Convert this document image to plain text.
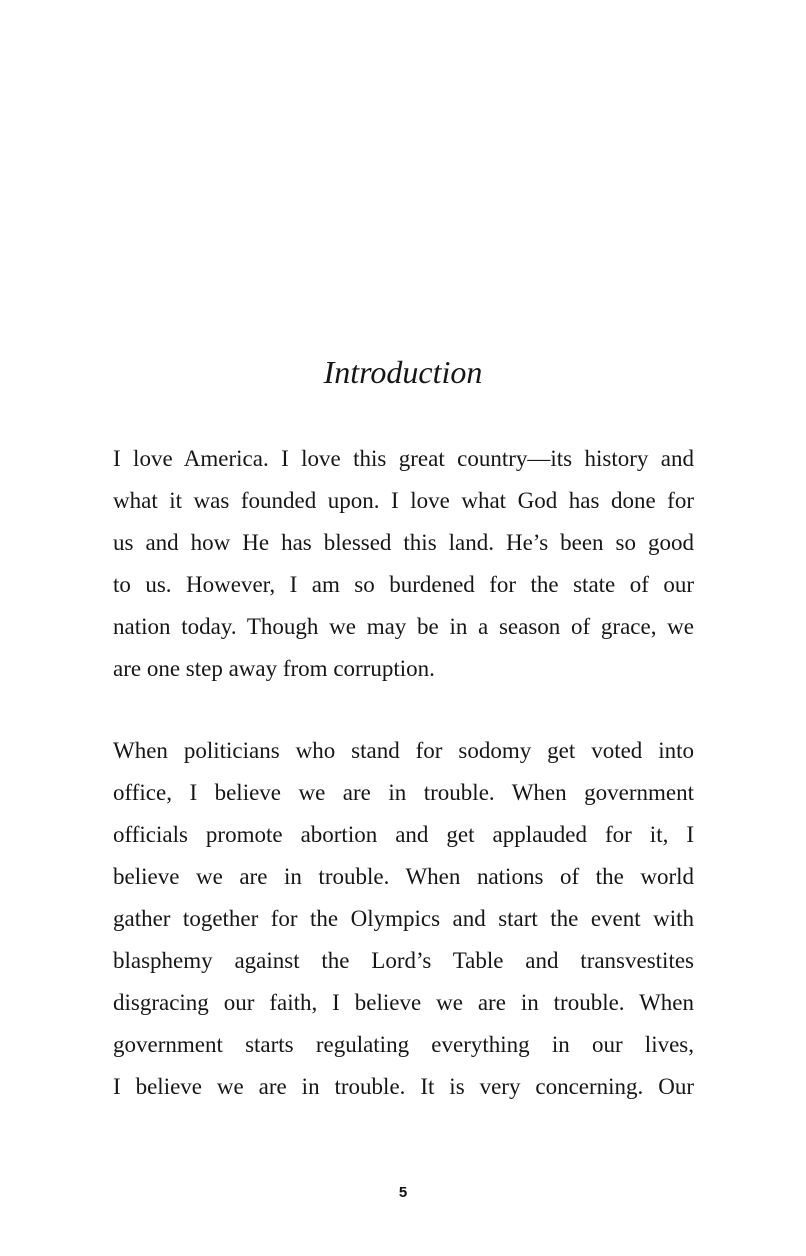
Introduction
I love America. I love this great country—its history and
what it was founded upon. I love what God has done for
us and how He has blessed this land. He’s been so good
to us. However, I am so burdened for the state of our
nation today. Though we may be in a season of grace, we
are one step away from corruption.
When politicians who stand for sodomy get voted into
office, I believe we are in trouble. When government
officials promote abortion and get applauded for it, I
believe we are in trouble. When nations of the world
gather together for the Olympics and start the event with
blasphemy against the Lord’s Table and transvestites
disgracing our faith, I believe we are in trouble. When
government starts regulating everything in our lives,
I believe we are in trouble. It is very concerning. Our
5
